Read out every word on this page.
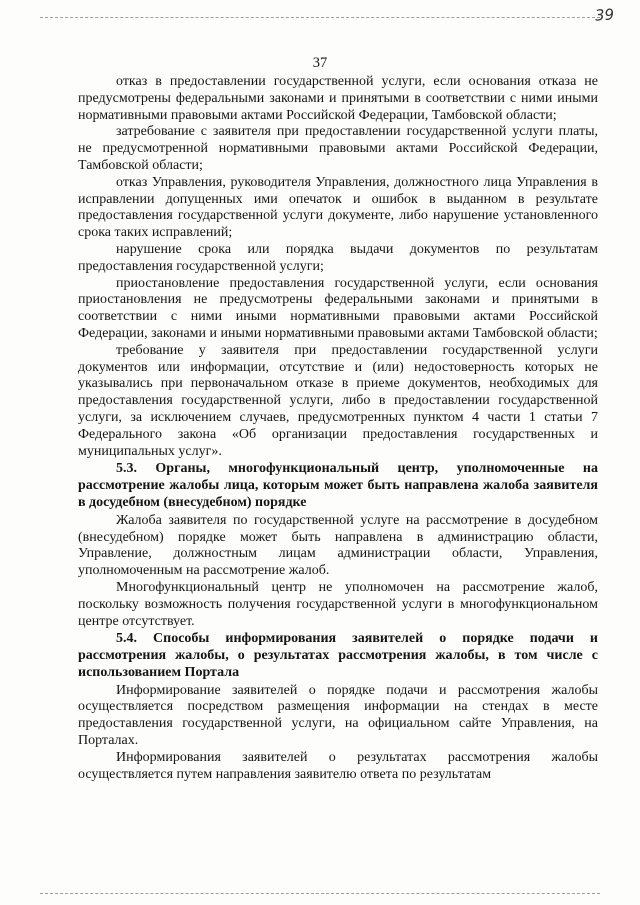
39
37

отказ в предоставлении государственной услуги, если основания отказа не предусмотрены федеральными законами и принятыми в соответствии с ними иными нормативными правовыми актами Российской Федерации, Тамбовской области;

затребование с заявителя при предоставлении государственной услуги платы, не предусмотренной нормативными правовыми актами Российской Федерации, Тамбовской области;

отказ Управления, руководителя Управления, должностного лица Управления в исправлении допущенных ими опечаток и ошибок в выданном в результате предоставления государственной услуги документе, либо нарушение установленного срока таких исправлений;

нарушение срока или порядка выдачи документов по результатам предоставления государственной услуги;

приостановление предоставления государственной услуги, если основания приостановления не предусмотрены федеральными законами и принятыми в соответствии с ними иными нормативными правовыми актами Российской Федерации, законами и иными нормативными правовыми актами Тамбовской области;

требование у заявителя при предоставлении государственной услуги документов или информации, отсутствие и (или) недостоверность которых не указывались при первоначальном отказе в приеме документов, необходимых для предоставления государственной услуги, либо в предоставлении государственной услуги, за исключением случаев, предусмотренных пунктом 4 части 1 статьи 7 Федерального закона «Об организации предоставления государственных и муниципальных услуг».

5.3. Органы, многофункциональный центр, уполномоченные на рассмотрение жалобы лица, которым может быть направлена жалоба заявителя в досудебном (внесудебном) порядке

Жалоба заявителя по государственной услуге на рассмотрение в досудебном (внесудебном) порядке может быть направлена в администрацию области, Управление, должностным лицам администрации области, Управления, уполномоченным на рассмотрение жалоб.

Многофункциональный центр не уполномочен на рассмотрение жалоб, поскольку возможность получения государственной услуги в многофункциональном центре отсутствует.

5.4. Способы информирования заявителей о порядке подачи и рассмотрения жалобы, о результатах рассмотрения жалобы, в том числе с использованием Портала

Информирование заявителей о порядке подачи и рассмотрения жалобы осуществляется посредством размещения информации на стендах в месте предоставления государственной услуги, на официальном сайте Управления, на Порталах.

Информирования заявителей о результатах рассмотрения жалобы осуществляется путем направления заявителю ответа по результатам
